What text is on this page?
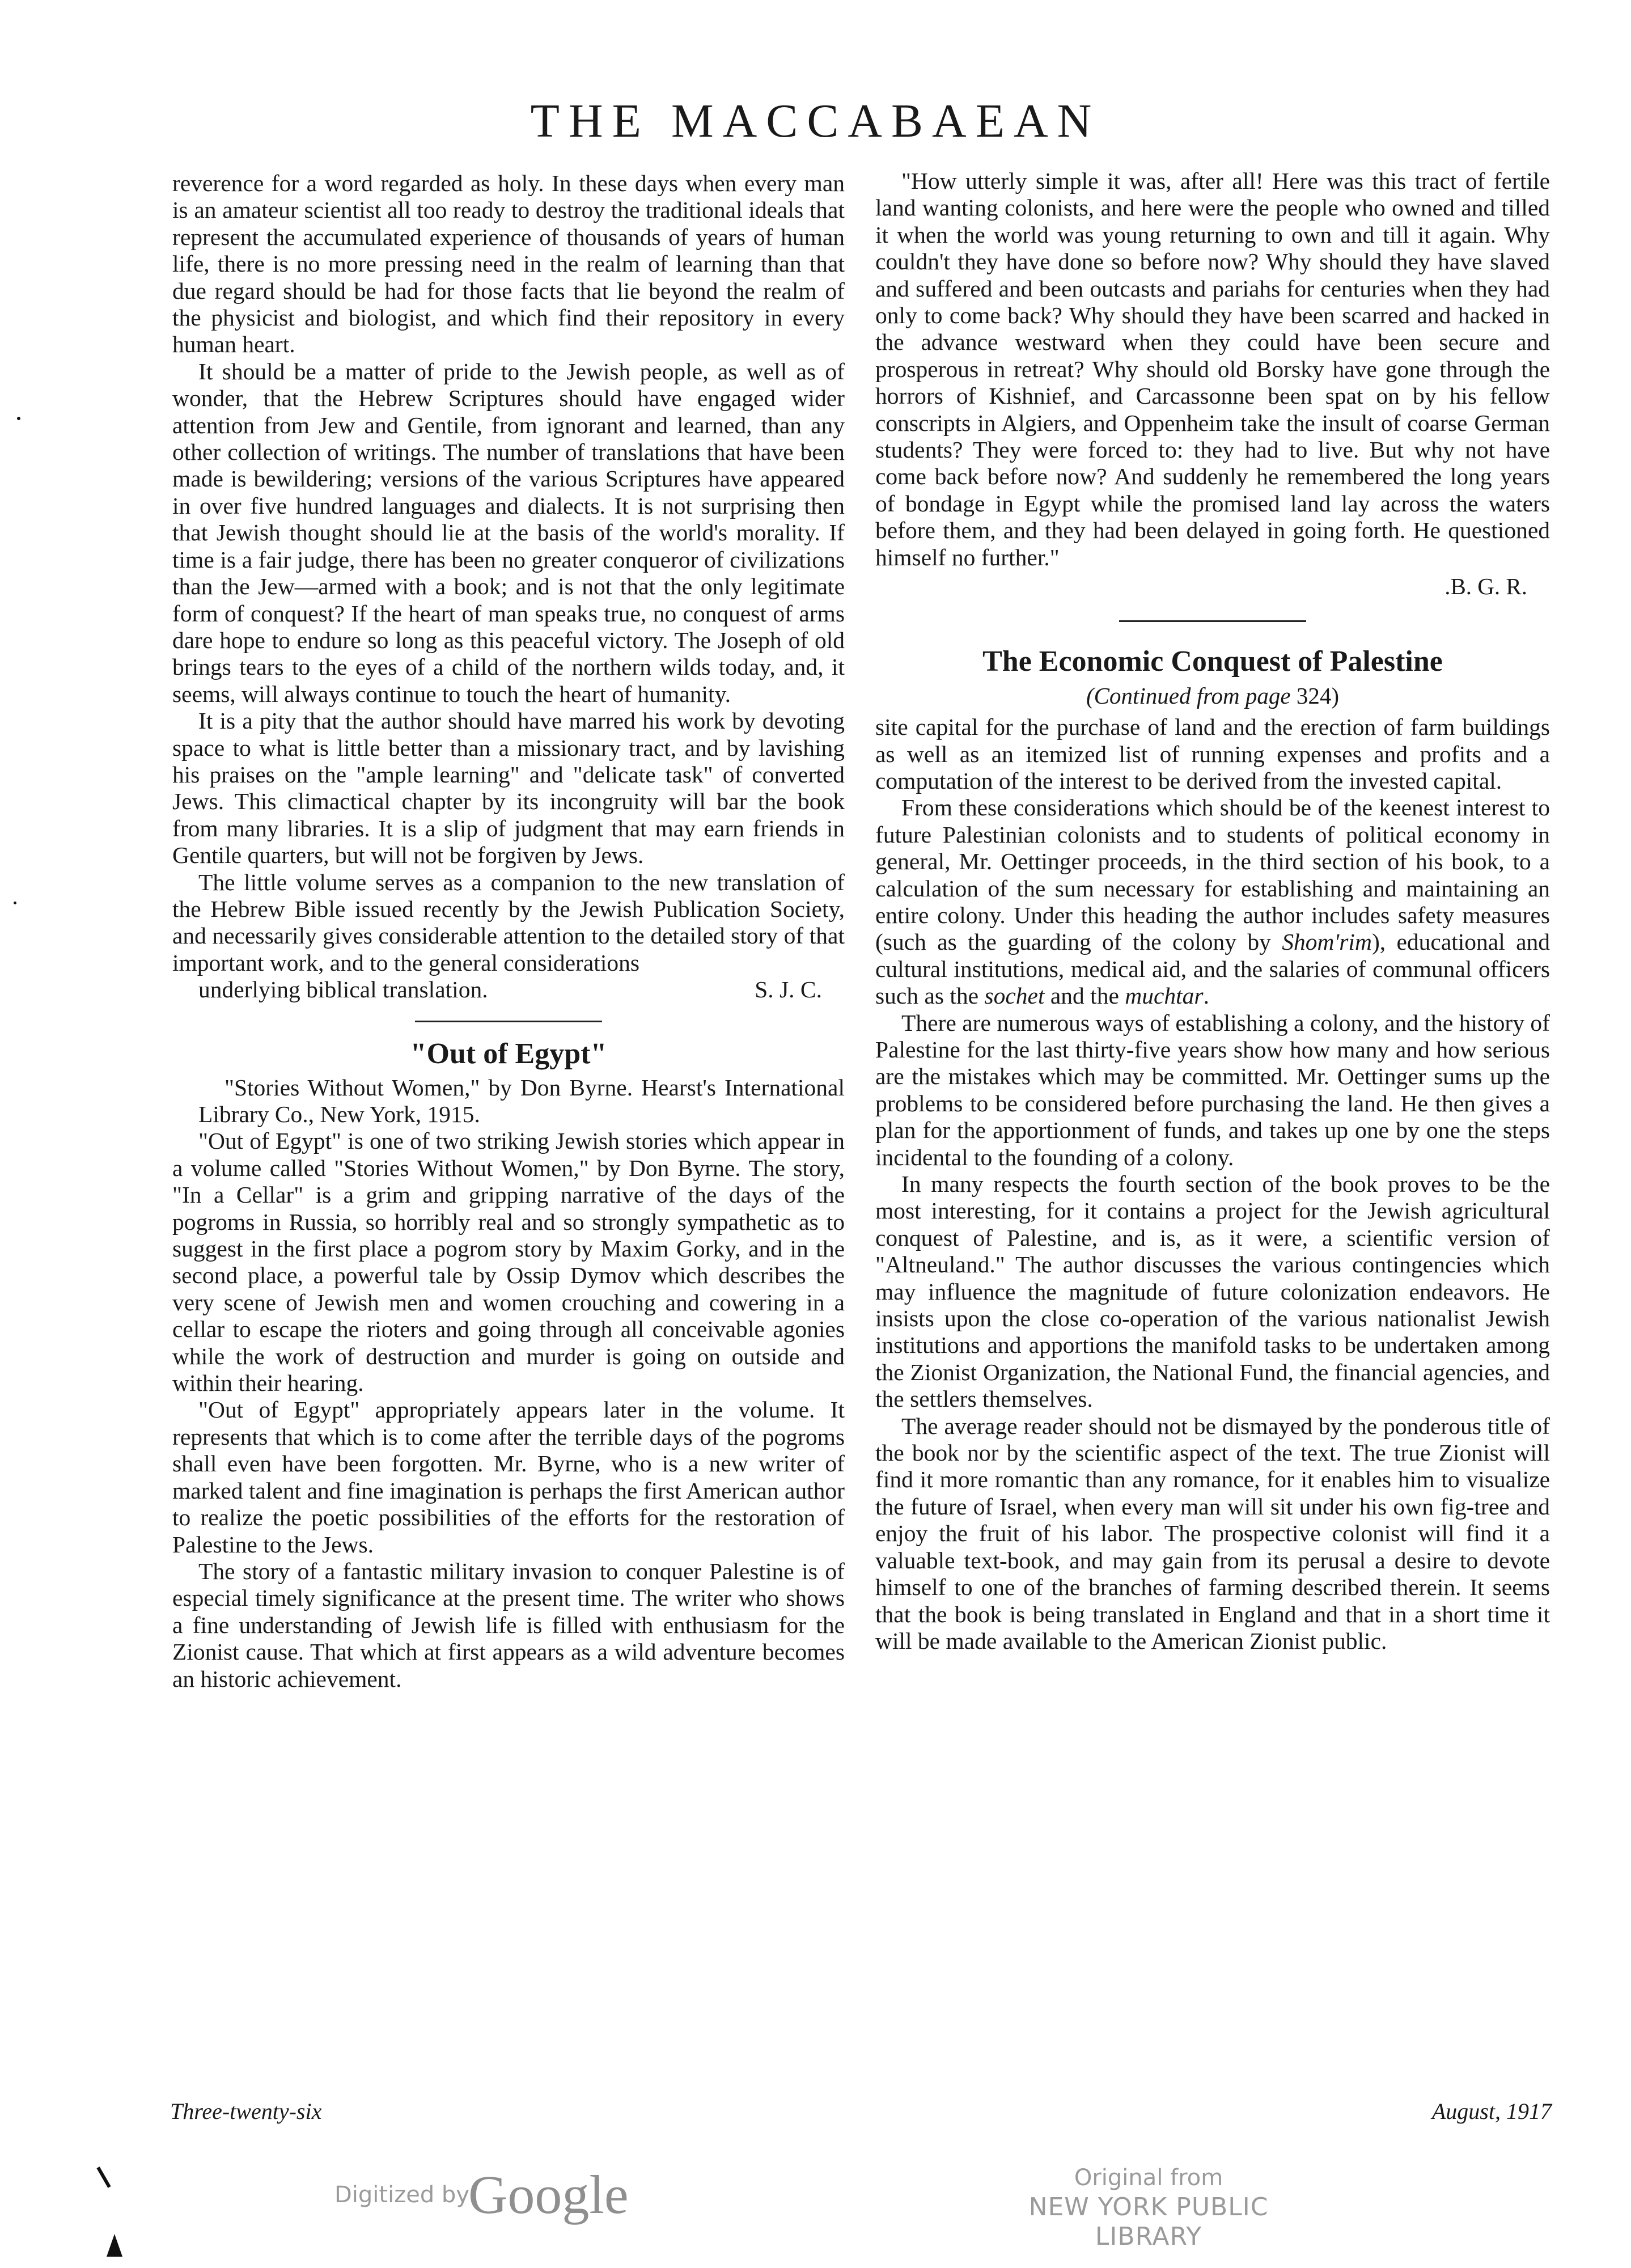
THE MACCABAEAN

reverence for a word regarded as holy. In these days when every man is an amateur scientist all too ready to destroy the traditional ideals that represent the accumulated experience of thousands of years of human life, there is no more pressing need in the realm of learning than that due regard should be had for those facts that lie beyond the realm of the physicist and biologist, and which find their repository in every human heart.

It should be a matter of pride to the Jewish people, as well as of wonder, that the Hebrew Scriptures should have engaged wider attention from Jew and Gentile, from ignorant and learned, than any other collection of writings. The number of translations that have been made is bewildering; versions of the various Scriptures have appeared in over five hundred languages and dialects. It is not surprising then that Jewish thought should lie at the basis of the world's morality. If time is a fair judge, there has been no greater conqueror of civilizations than the Jew—armed with a book; and is not that the only legitimate form of conquest? If the heart of man speaks true, no conquest of arms dare hope to endure so long as this peaceful victory. The Joseph of old brings tears to the eyes of a child of the northern wilds today, and, it seems, will always continue to touch the heart of humanity.

It is a pity that the author should have marred his work by devoting space to what is little better than a missionary tract, and by lavishing his praises on the "ample learning" and "delicate task" of converted Jews. This climactical chapter by its incongruity will bar the book from many libraries. It is a slip of judgment that may earn friends in Gentile quarters, but will not be forgiven by Jews.

The little volume serves as a companion to the new translation of the Hebrew Bible issued recently by the Jewish Publication Society, and necessarily gives considerable attention to the detailed story of that important work, and to the general considerations

underlying biblical translation.	S. J. C.

"Out of Egypt"

"Stories Without Women," by Don Byrne. Hearst's International Library Co., New York, 1915.

"Out of Egypt" is one of two striking Jewish stories which appear in a volume called "Stories Without Women," by Don Byrne. The story, "In a Cellar" is a grim and gripping narrative of the days of the pogroms in Russia, so horribly real and so strongly sympathetic as to suggest in the first place a pogrom story by Maxim Gorky, and in the second place, a powerful tale by Ossip Dymov which describes the very scene of Jewish men and women crouching and cowering in a cellar to escape the rioters and going through all conceivable agonies while the work of destruction and murder is going on outside and within their hearing.

"Out of Egypt" appropriately appears later in the volume. It represents that which is to come after the terrible days of the pogroms shall even have been forgotten. Mr. Byrne, who is a new writer of marked talent and fine imagination is perhaps the first American author to realize the poetic possibilities of the efforts for the restoration of Palestine to the Jews.

The story of a fantastic military invasion to conquer Palestine is of especial timely significance at the present time. The writer who shows a fine understanding of Jewish life is filled with enthusiasm for the Zionist cause. That which at first appears as a wild adventure becomes an historic achievement.

"How utterly simple it was, after all! Here was this tract of fertile land wanting colonists, and here were the people who owned and tilled it when the world was young returning to own and till it again. Why couldn't they have done so before now? Why should they have slaved and suffered and been outcasts and pariahs for centuries when they had only to come back? Why should they have been scarred and hacked in the advance westward when they could have been secure and prosperous in retreat? Why should old Borsky have gone through the horrors of Kishnief, and Carcassonne been spat on by his fellow conscripts in Algiers, and Oppenheim take the insult of coarse German students? They were forced to: they had to live. But why not have come back before now? And suddenly he remembered the long years of bondage in Egypt while the promised land lay across the waters before them, and they had been delayed in going forth. He questioned himself no further."

.B. G. R.
The Economic Conquest of Palestine
(Continued from page 324)

site capital for the purchase of land and the erection of farm buildings as well as an itemized list of running expenses and profits and a computation of the interest to be derived from the invested capital.

From these considerations which should be of the keenest interest to future Palestinian colonists and to students of political economy in general, Mr. Oettinger proceeds, in the third section of his book, to a calculation of the sum necessary for establishing and maintaining an entire colony. Under this heading the author includes safety measures (such as the guarding of the colony by Shom'rim), educational and cultural institutions, medical aid, and the salaries of communal officers such as the sochet and the muchtar.

There are numerous ways of establishing a colony, and the history of Palestine for the last thirty-five years show how many and how serious are the mistakes which may be committed. Mr. Oettinger sums up the problems to be considered before purchasing the land. He then gives a plan for the apportionment of funds, and takes up one by one the steps incidental to the founding of a colony.

In many respects the fourth section of the book proves to be the most interesting, for it contains a project for the Jewish agricultural conquest of Palestine, and is, as it were, a scientific version of "Altneuland." The author discusses the various contingencies which may influence the magnitude of future colonization endeavors. He insists upon the close co-operation of the various nationalist Jewish institutions and apportions the manifold tasks to be undertaken among the Zionist Organization, the National Fund, the financial agencies, and the settlers themselves.

The average reader should not be dismayed by the ponderous title of the book nor by the scientific aspect of the text. The true Zionist will find it more romantic than any romance, for it enables him to visualize the future of Israel, when every man will sit under his own fig-tree and enjoy the fruit of his labor. The prospective colonist will find it a valuable text-book, and may gain from its perusal a desire to devote himself to one of the branches of farming described therein. It seems that the book is being translated in England and that in a short time it will be made available to the American Zionist public.

Three-twenty-six	August, 1917
Digitized by
Google	Original from
NEW YORK PUBLIC LIBRARY
